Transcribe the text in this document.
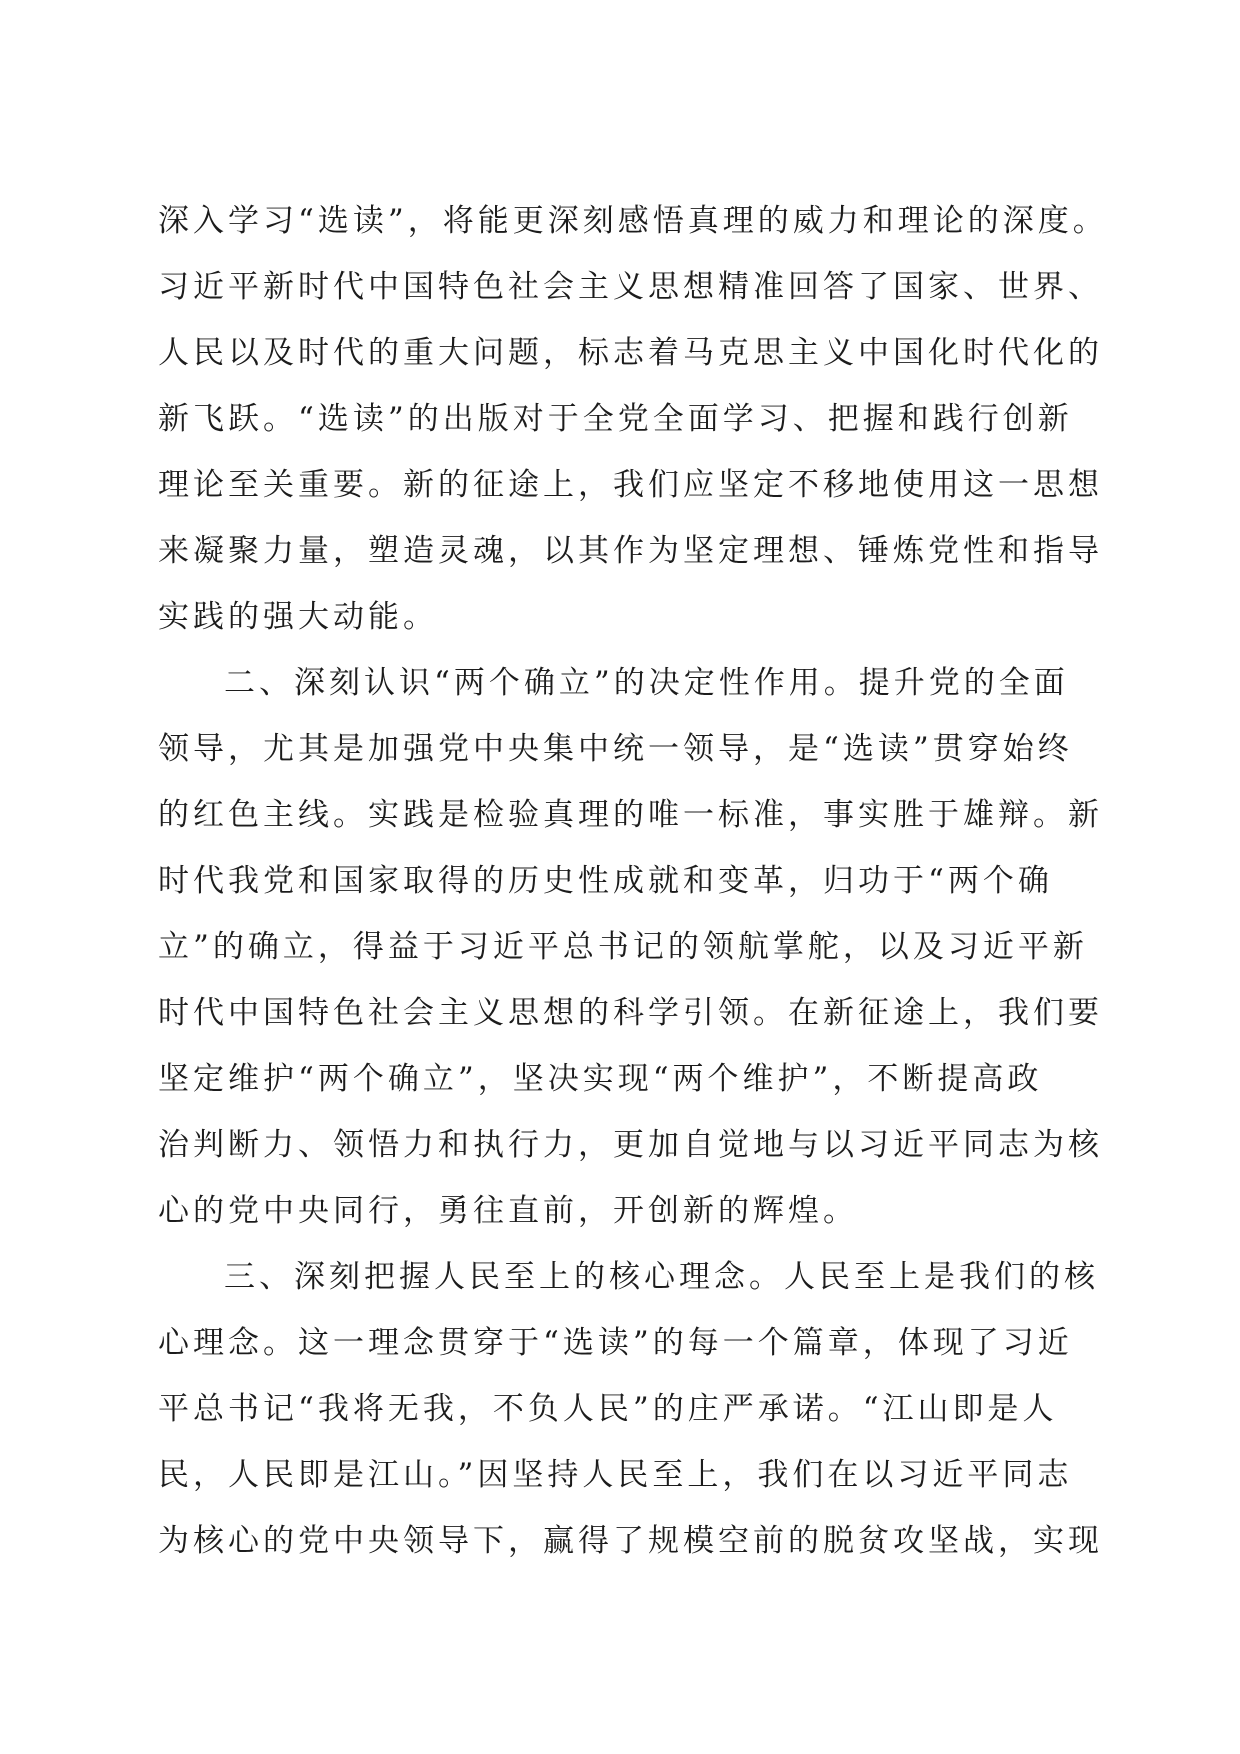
深入学习“选读”，将能更深刻感悟真理的威力和理论的深度。
习近平新时代中国特色社会主义思想精准回答了国家、世界、
人民以及时代的重大问题，标志着马克思主义中国化时代化的
新飞跃。“选读”的出版对于全党全面学习、把握和践行创新
理论至关重要。新的征途上，我们应坚定不移地使用这一思想
来凝聚力量，塑造灵魂，以其作为坚定理想、锤炼党性和指导
实践的强大动能。
二、深刻认识“两个确立”的决定性作用。提升党的全面
领导，尤其是加强党中央集中统一领导，是“选读”贯穿始终
的红色主线。实践是检验真理的唯一标准，事实胜于雄辩。新
时代我党和国家取得的历史性成就和变革，归功于“两个确
立”的确立，得益于习近平总书记的领航掌舵，以及习近平新
时代中国特色社会主义思想的科学引领。在新征途上，我们要
坚定维护“两个确立”，坚决实现“两个维护”，不断提高政
治判断力、领悟力和执行力，更加自觉地与以习近平同志为核
心的党中央同行，勇往直前，开创新的辉煌。
三、深刻把握人民至上的核心理念。人民至上是我们的核
心理念。这一理念贯穿于“选读”的每一个篇章，体现了习近
平总书记“我将无我，不负人民”的庄严承诺。“江山即是人
民，人民即是江山。”因坚持人民至上，我们在以习近平同志
为核心的党中央领导下，赢得了规模空前的脱贫攻坚战，实现
